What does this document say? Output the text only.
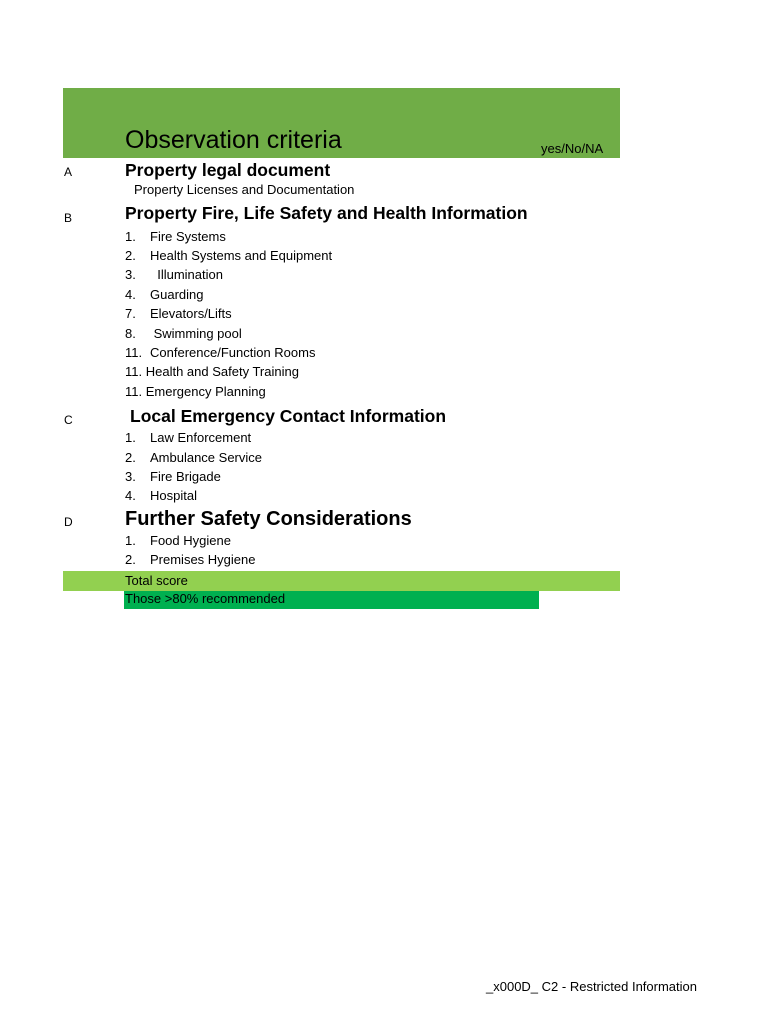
Observation criteria	yes/No/NA
A	Property legal document
Property Licenses and Documentation
B	Property Fire, Life Safety and Health Information
1. Fire Systems
2. Health Systems and Equipment
3.  Illumination
4. Guarding
7. Elevators/Lifts
8. Swimming pool
11. Conference/Function Rooms
11. Health and Safety Training
11. Emergency Planning
C	Local Emergency Contact Information
1. Law Enforcement
2. Ambulance Service
3. Fire Brigade
4. Hospital
D	Further Safety Considerations
1. Food Hygiene
2. Premises Hygiene
Total score
Those >80% recommended
_x000D_ C2 - Restricted Information
